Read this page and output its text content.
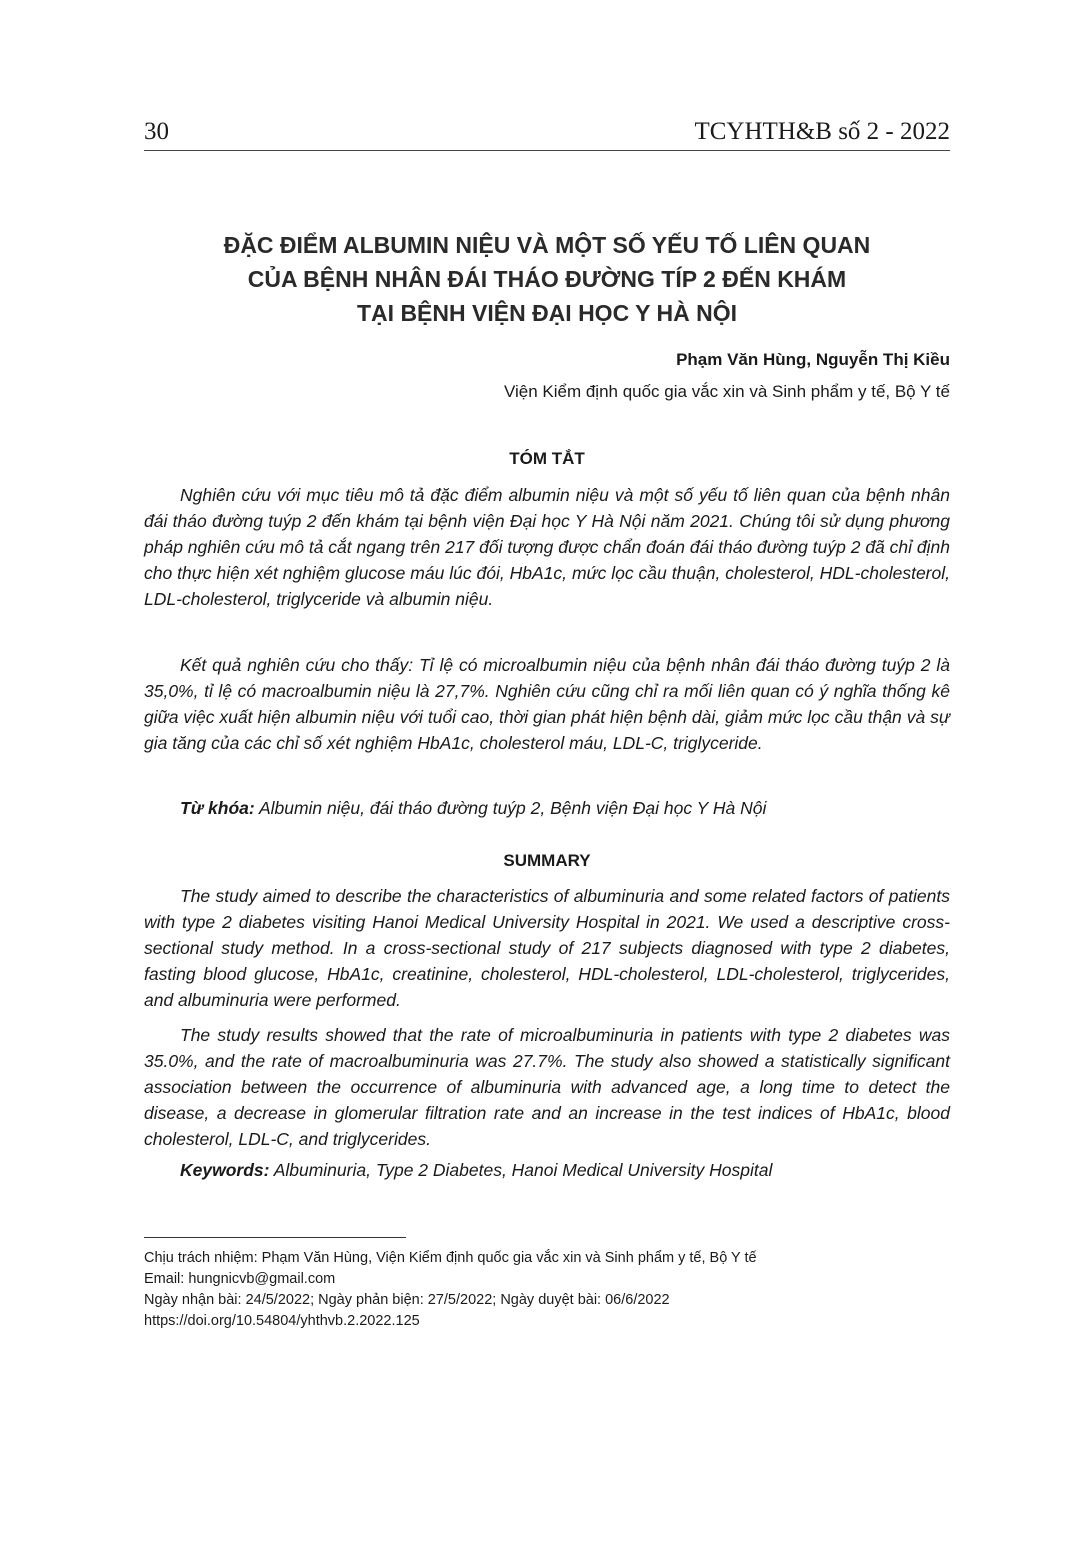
30	TCYHTH&B số 2 - 2022
ĐẶC ĐIỂM ALBUMIN NIỆU VÀ MỘT SỐ YẾU TỐ LIÊN QUAN
CỦA BỆNH NHÂN ĐÁI THÁO ĐƯỜNG TÍP 2 ĐẾN KHÁM
TẠI BỆNH VIỆN ĐẠI HỌC Y HÀ NỘI
Phạm Văn Hùng, Nguyễn Thị Kiều
Viện Kiểm định quốc gia vắc xin và Sinh phẩm y tế, Bộ Y tế
TÓM TẮT

Nghiên cứu với mục tiêu mô tả đặc điểm albumin niệu và một số yếu tố liên quan của bệnh nhân đái tháo đường tuýp 2 đến khám tại bệnh viện Đại học Y Hà Nội năm 2021. Chúng tôi sử dụng phương pháp nghiên cứu mô tả cắt ngang trên 217 đối tượng được chẩn đoán đái tháo đường tuýp 2 đã chỉ định cho thực hiện xét nghiệm glucose máu lúc đói, HbA1c, mức lọc cầu thuận, cholesterol, HDL-cholesterol, LDL-cholesterol, triglyceride và albumin niệu.

Kết quả nghiên cứu cho thấy: Tỉ lệ có microalbumin niệu của bệnh nhân đái tháo đường tuýp 2 là 35,0%, tỉ lệ có macroalbumin niệu là 27,7%. Nghiên cứu cũng chỉ ra mối liên quan có ý nghĩa thống kê giữa việc xuất hiện albumin niệu với tuổi cao, thời gian phát hiện bệnh dài, giảm mức lọc cầu thận và sự gia tăng của các chỉ số xét nghiệm HbA1c, cholesterol máu, LDL-C, triglyceride.

Từ khóa: Albumin niệu, đái tháo đường tuýp 2, Bệnh viện Đại học Y Hà Nội

SUMMARY

The study aimed to describe the characteristics of albuminuria and some related factors of patients with type 2 diabetes visiting Hanoi Medical University Hospital in 2021. We used a descriptive cross-sectional study method. In a cross-sectional study of 217 subjects diagnosed with type 2 diabetes, fasting blood glucose, HbA1c, creatinine, cholesterol, HDL-cholesterol, LDL-cholesterol, triglycerides, and albuminuria were performed.

The study results showed that the rate of microalbuminuria in patients with type 2 diabetes was 35.0%, and the rate of macroalbuminuria was 27.7%. The study also showed a statistically significant association between the occurrence of albuminuria with advanced age, a long time to detect the disease, a decrease in glomerular filtration rate and an increase in the test indices of HbA1c, blood cholesterol, LDL-C, and triglycerides.

Keywords: Albuminuria, Type 2 Diabetes, Hanoi Medical University Hospital

Chịu trách nhiệm: Phạm Văn Hùng, Viện Kiểm định quốc gia vắc xin và Sinh phẩm y tế, Bộ Y tế
Email: hungnicvb@gmail.com
Ngày nhận bài: 24/5/2022; Ngày phản biện: 27/5/2022; Ngày duyệt bài: 06/6/2022
https://doi.org/10.54804/yhthvb.2.2022.125
